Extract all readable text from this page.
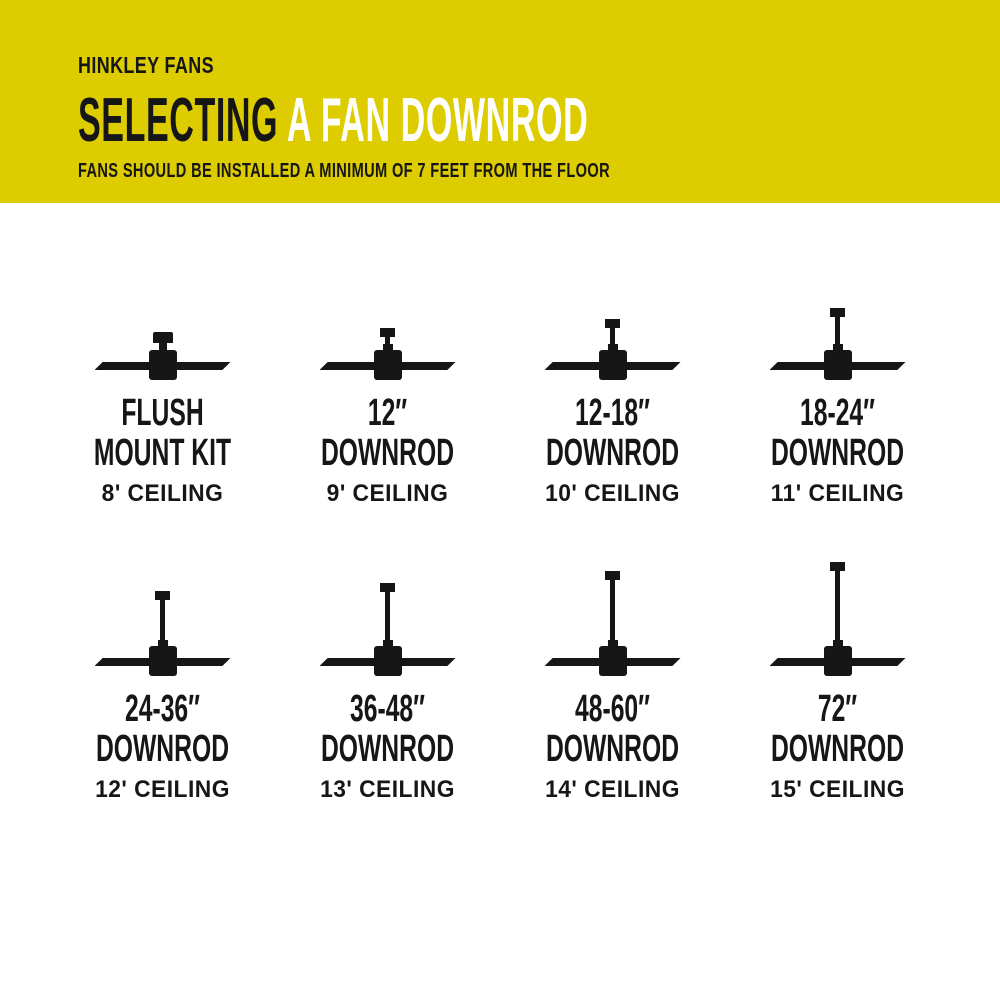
HINKLEY FANS
SELECTING A FAN DOWNROD
FANS SHOULD BE INSTALLED A MINIMUM OF 7 FEET FROM THE FLOOR
FLUSH
MOUNT KIT
8' CEILING
12″
DOWNROD
9' CEILING
12-18″
DOWNROD
10' CEILING
18-24″
DOWNROD
11' CEILING
24-36″
DOWNROD
12' CEILING
36-48″
DOWNROD
13' CEILING
48-60″
DOWNROD
14' CEILING
72″
DOWNROD
15' CEILING
